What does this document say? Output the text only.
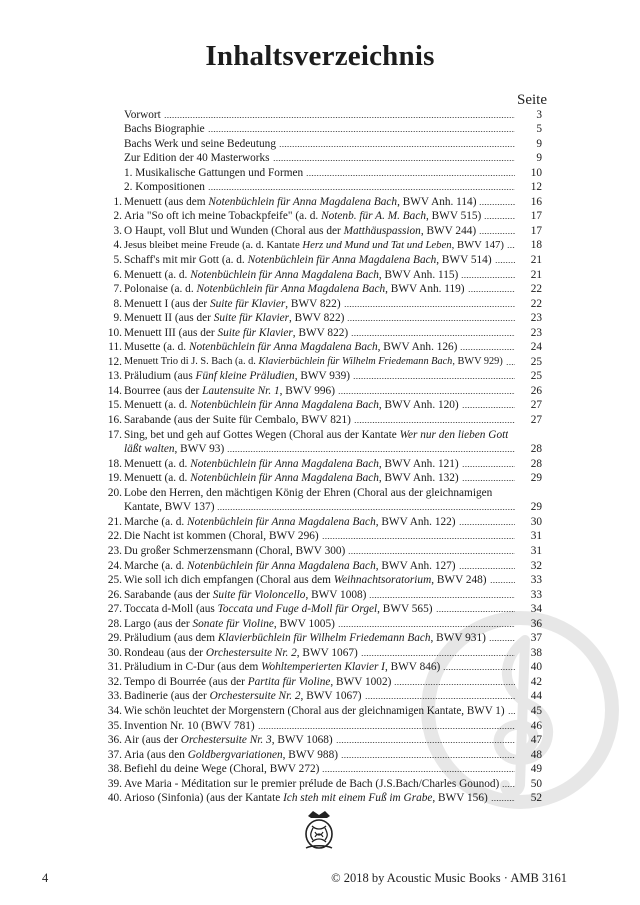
Inhaltsverzeichnis
Seite
Vorwort	3
Bachs Biographie	5
Bachs Werk und seine Bedeutung	9
Zur Edition der 40 Masterworks	9
1. Musikalische Gattungen und Formen	10
2. Kompositionen	12
1. Menuett (aus dem Notenbüchlein für Anna Magdalena Bach, BWV Anh. 114)	16
2. Aria "So oft ich meine Tobackpfeife" (a. d. Notenb. für A. M. Bach, BWV 515)	17
3. O Haupt, voll Blut und Wunden (Choral aus der Matthäuspassion, BWV 244)	17
4. Jesus bleibet meine Freude (a. d. Kantate Herz und Mund und Tat und Leben, BWV 147)	18
5. Schaff's mit mir Gott (a. d. Notenbüchlein für Anna Magdalena Bach, BWV 514)	21
6. Menuett (a. d. Notenbüchlein für Anna Magdalena Bach, BWV Anh. 115)	21
7. Polonaise (a. d. Notenbüchlein für Anna Magdalena Bach, BWV Anh. 119)	22
8. Menuett I (aus der Suite für Klavier, BWV 822)	22
9. Menuett II (aus der Suite für Klavier, BWV 822)	23
10. Menuett III (aus der Suite für Klavier, BWV 822)	23
11. Musette (a. d. Notenbüchlein für Anna Magdalena Bach, BWV Anh. 126)	24
12. Menuett Trio di J. S. Bach (a. d. Klavierbüchlein für Wilhelm Friedemann Bach, BWV 929)	25
13. Präludium (aus Fünf kleine Präludien, BWV 939)	25
14. Bourree (aus der Lautensuite Nr. 1, BWV 996)	26
15. Menuett (a. d. Notenbüchlein für Anna Magdalena Bach, BWV Anh. 120)	27
16. Sarabande (aus der Suite für Cembalo, BWV 821)	27
17. Sing, bet und geh auf Gottes Wegen (Choral aus der Kantate Wer nur den lieben Gott
läßt walten, BWV 93)	28
18. Menuett (a. d. Notenbüchlein für Anna Magdalena Bach, BWV Anh. 121)	28
19. Menuett (a. d. Notenbüchlein für Anna Magdalena Bach, BWV Anh. 132)	29
20. Lobe den Herren, den mächtigen König der Ehren (Choral aus der gleichnamigen
Kantate, BWV 137)	29
21. Marche (a. d. Notenbüchlein für Anna Magdalena Bach, BWV Anh. 122)	30
22. Die Nacht ist kommen (Choral, BWV 296)	31
23. Du großer Schmerzensmann (Choral, BWV 300)	31
24. Marche (a. d. Notenbüchlein für Anna Magdalena Bach, BWV Anh. 127)	32
25. Wie soll ich dich empfangen (Choral aus dem Weihnachtsoratorium, BWV 248)	33
26. Sarabande (aus der Suite für Violoncello, BWV 1008)	33
27. Toccata d-Moll (aus Toccata und Fuge d-Moll für Orgel, BWV 565)	34
28. Largo (aus der Sonate für Violine, BWV 1005)	36
29. Präludium (aus dem Klavierbüchlein für Wilhelm Friedemann Bach, BWV 931)	37
30. Rondeau (aus der Orchestersuite Nr. 2, BWV 1067)	38
31. Präludium in C-Dur (aus dem Wohltemperierten Klavier I, BWV 846)	40
32. Tempo di Bourrée (aus der Partita für Violine, BWV 1002)	42
33. Badinerie (aus der Orchestersuite Nr. 2, BWV 1067)	44
34. Wie schön leuchtet der Morgenstern (Choral aus der gleichnamigen Kantate, BWV 1)	45
35. Invention Nr. 10 (BWV 781)	46
36. Air (aus der Orchestersuite Nr. 3, BWV 1068)	47
37. Aria (aus den Goldbergvariationen, BWV 988)	48
38. Befiehl du deine Wege (Choral, BWV 272)	49
39. Ave Maria - Méditation sur le premier prélude de Bach (J.S.Bach/Charles Gounod)	50
40. Arioso (Sinfonia) (aus der Kantate Ich steh mit einem Fuß im Grabe, BWV 156)	52
4	© 2018 by Acoustic Music Books · AMB 3161
